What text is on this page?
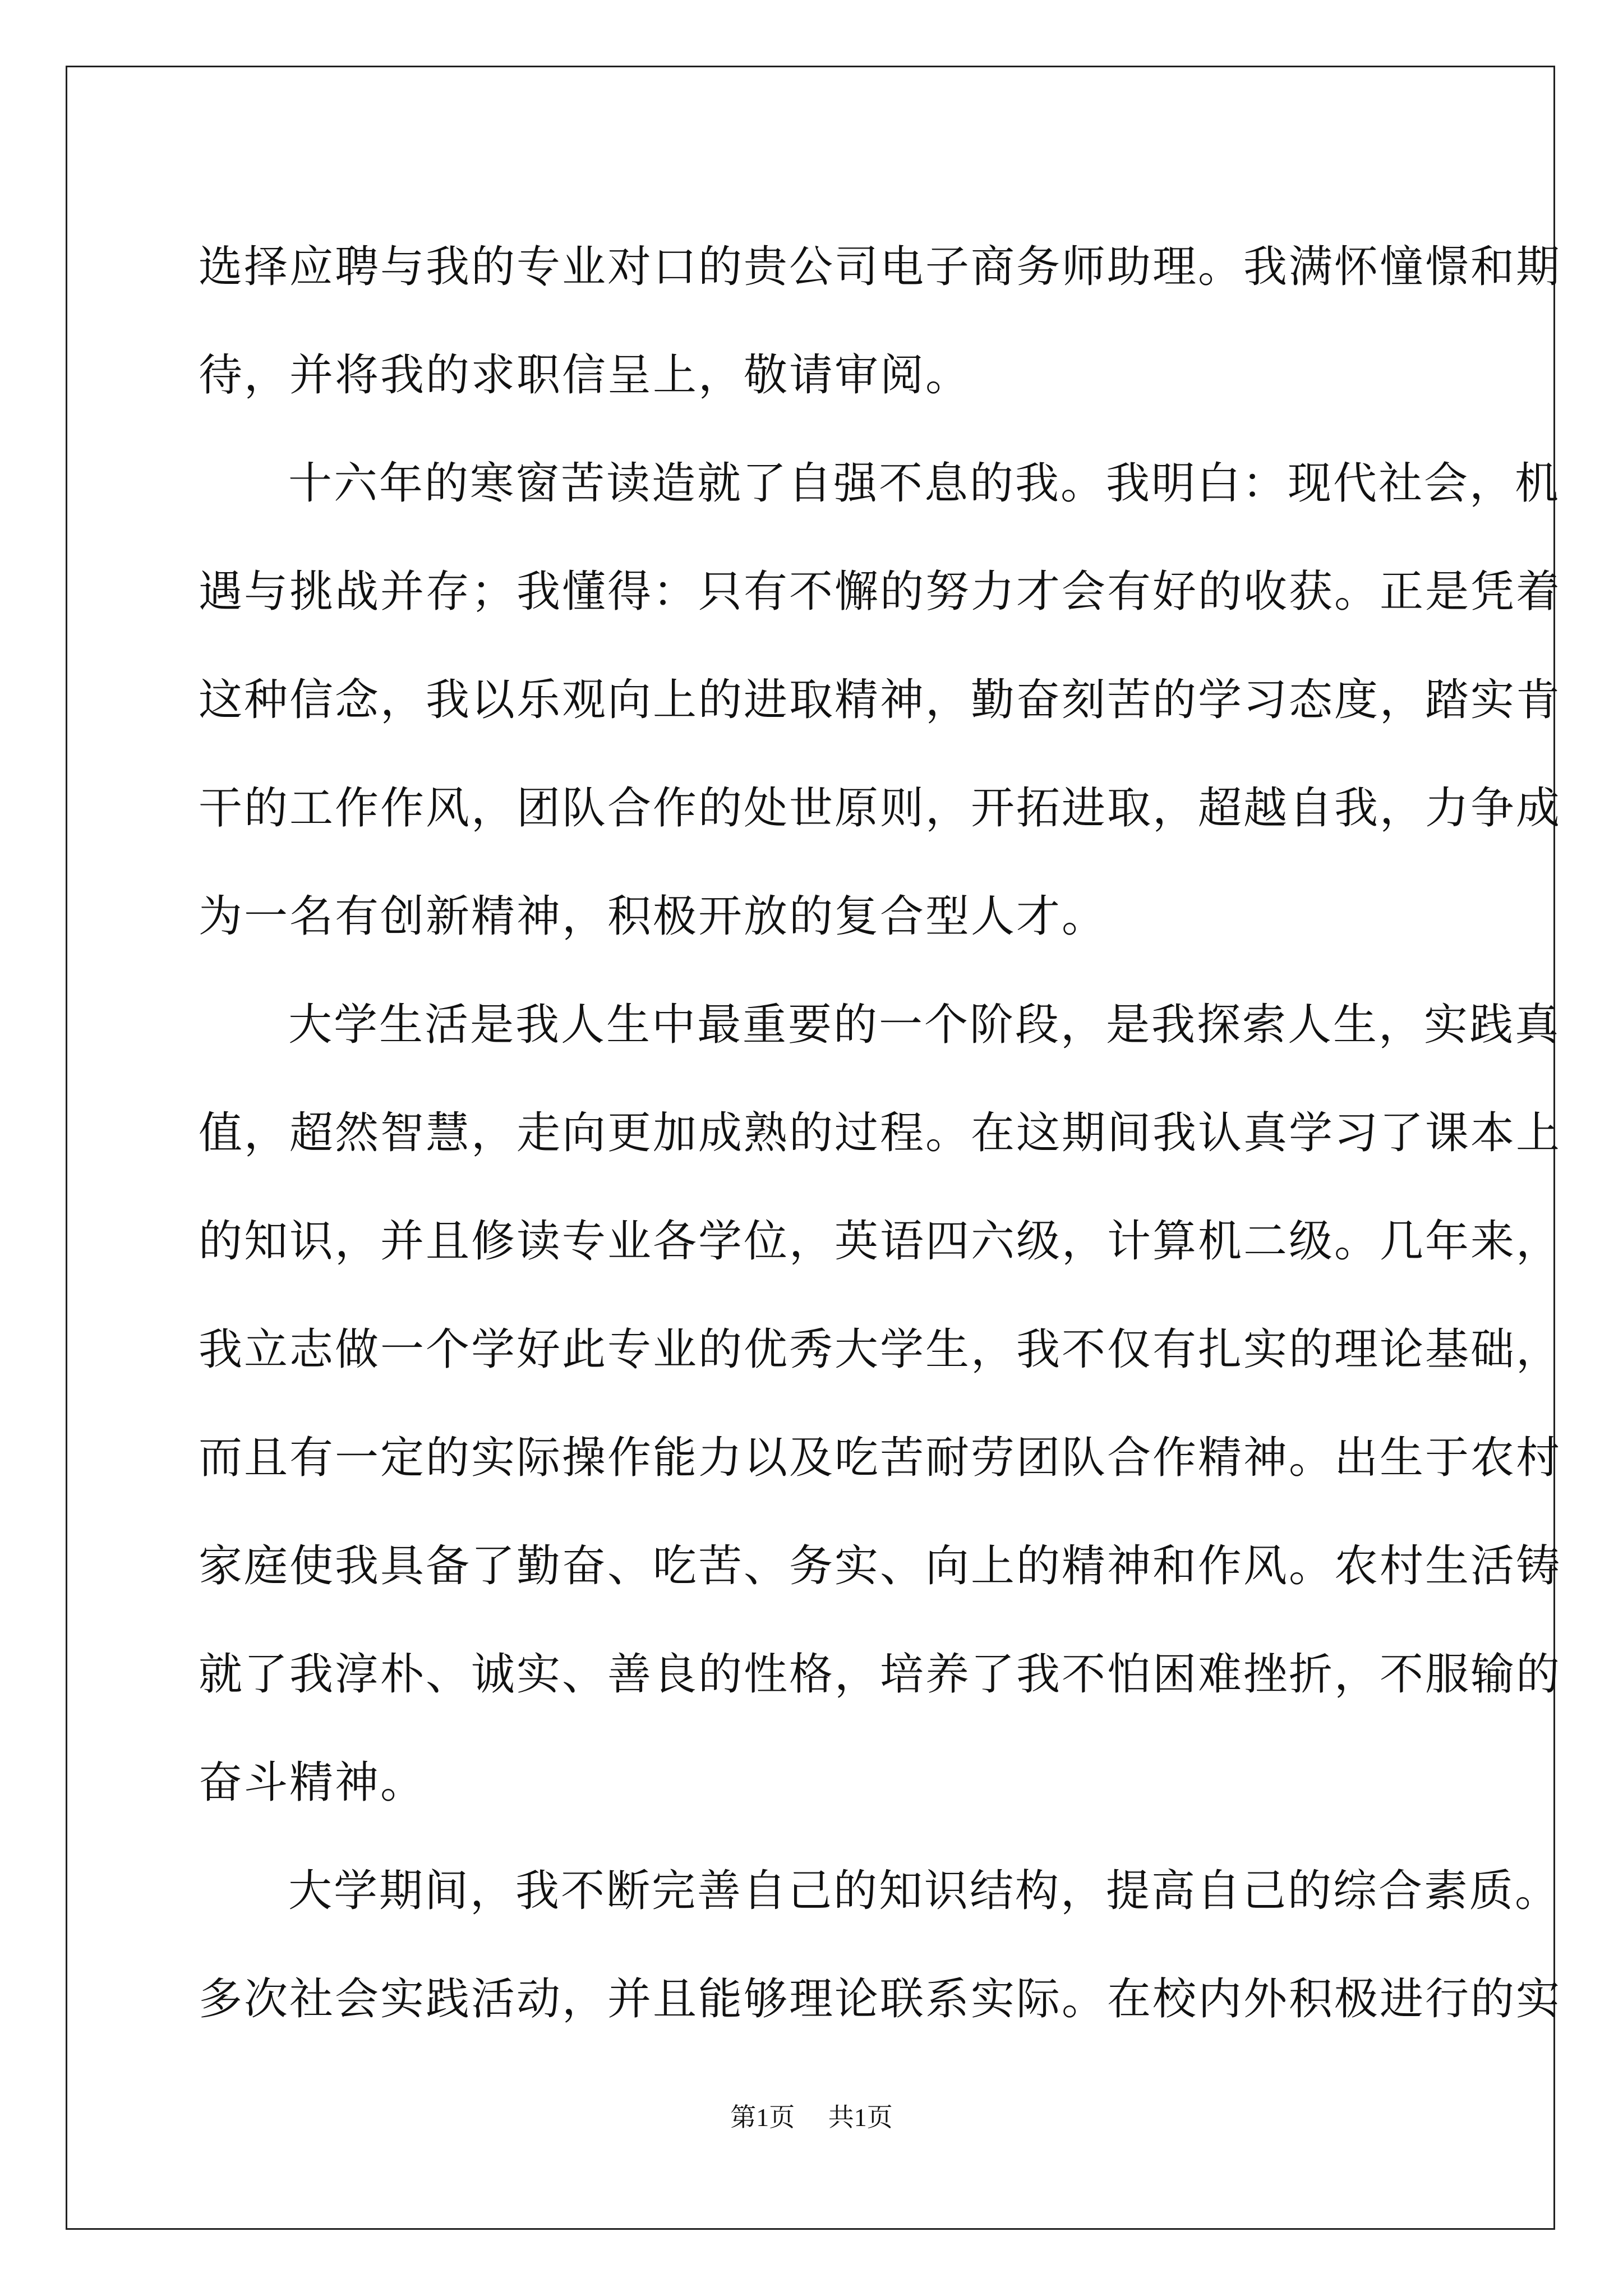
选择应聘与我的专业对口的贵公司电子商务师助理。我满怀憧憬和期
待，并将我的求职信呈上，敬请审阅。

十六年的寒窗苦读造就了自强不息的我。我明白：现代社会，机
遇与挑战并存；我懂得：只有不懈的努力才会有好的收获。正是凭着
这种信念，我以乐观向上的进取精神，勤奋刻苦的学习态度，踏实肯
干的工作作风，团队合作的处世原则，开拓进取，超越自我，力争成
为一名有创新精神，积极开放的复合型人才。

大学生活是我人生中最重要的一个阶段，是我探索人生，实践真
值，超然智慧，走向更加成熟的过程。在这期间我认真学习了课本上
的知识，并且修读专业各学位，英语四六级，计算机二级。几年来，
我立志做一个学好此专业的优秀大学生，我不仅有扎实的理论基础，
而且有一定的实际操作能力以及吃苦耐劳团队合作精神。出生于农村
家庭使我具备了勤奋、吃苦、务实、向上的精神和作风。农村生活铸
就了我淳朴、诚实、善良的性格，培养了我不怕困难挫折，不服输的
奋斗精神。

大学期间，我不断完善自己的知识结构，提高自己的综合素质。
多次社会实践活动，并且能够理论联系实际。在校内外积极进行的实

第1页 共1页
